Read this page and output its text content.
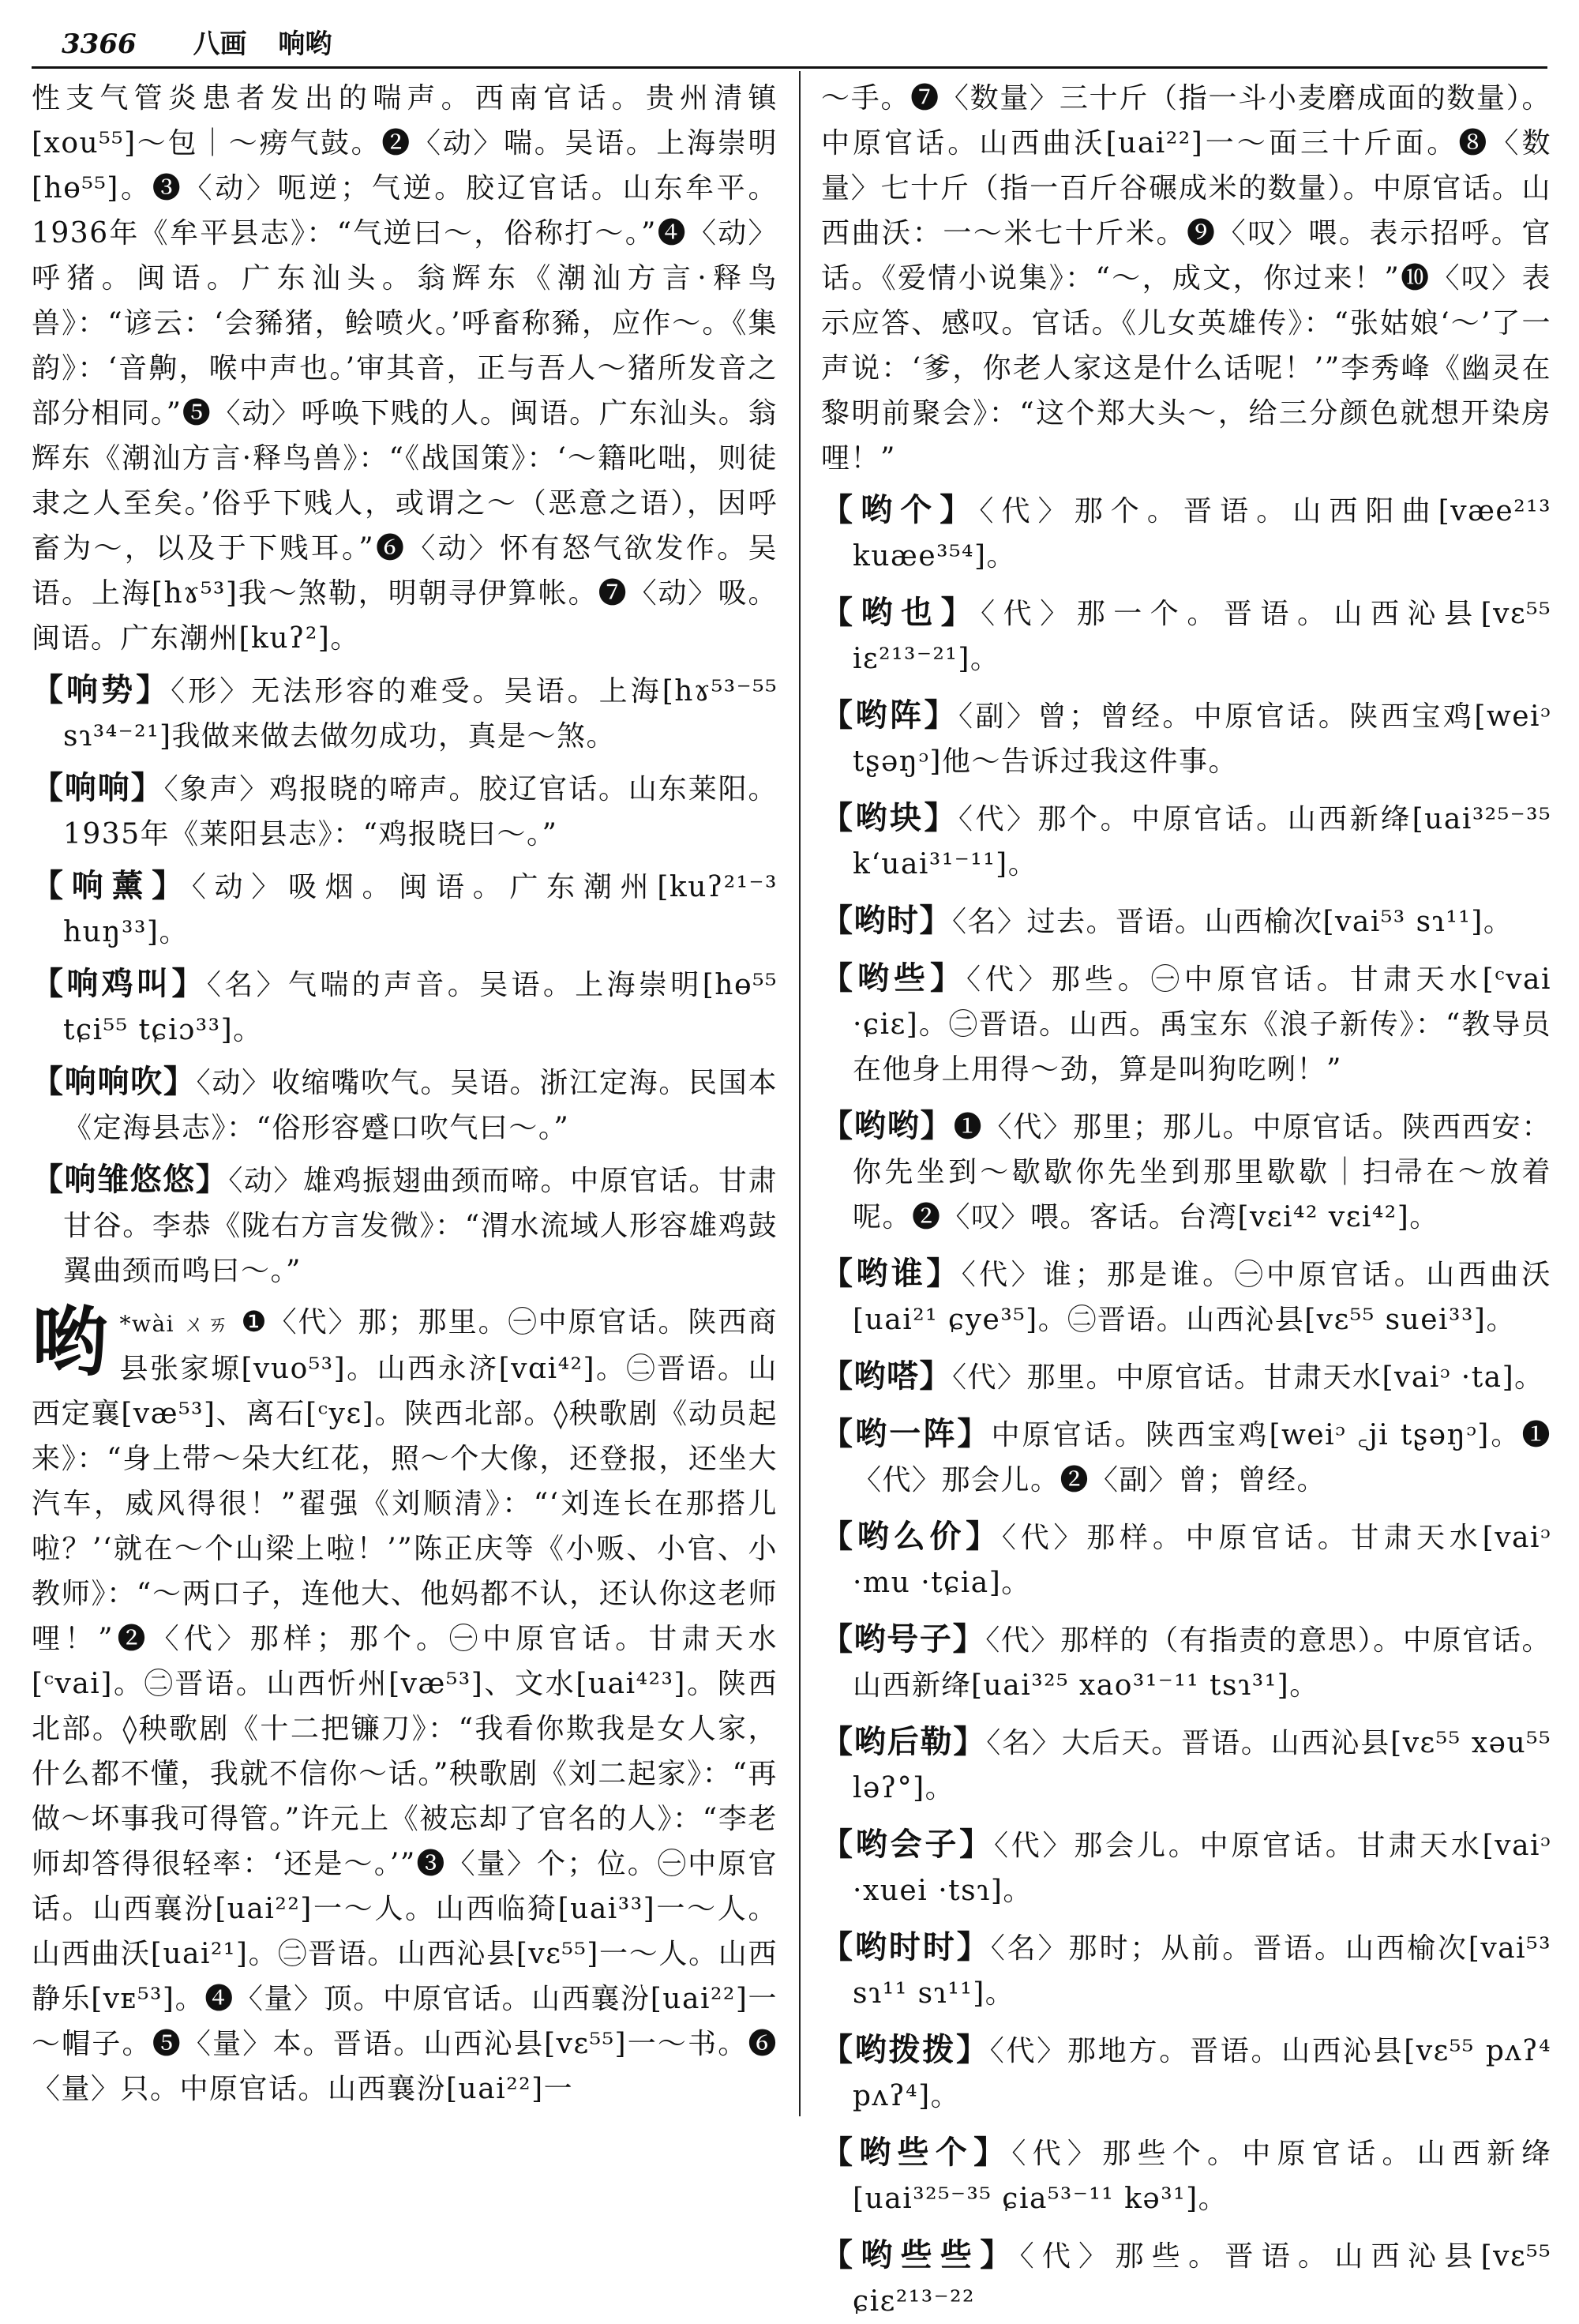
3366 八画 响哟

性支气管炎患者发出的喘声。西南官话。贵州清镇[xou⁵⁵]～包｜～痨气鼓。❷〈动〉喘。吴语。上海崇明[hɵ⁵⁵]。❸〈动〉呃逆；气逆。胶辽官话。山东牟平。1936年《牟平县志》：“气逆曰～，俗称打～。”❹〈动〉呼猪。闽语。广东汕头。翁辉东《潮汕方言·释鸟兽》：“谚云：‘会豨猪，鲙喷火。’呼畜称豨，应作～。《集韵》：‘音齁，喉中声也。’审其音，正与吾人～猪所发音之部分相同。”❺〈动〉呼唤下贱的人。闽语。广东汕头。翁辉东《潮汕方言·释鸟兽》：“《战国策》：‘～籍叱咄，则徒隶之人至矣。’俗乎下贱人，或谓之～（恶意之语），因呼畜为～，以及于下贱耳。”❻〈动〉怀有怒气欲发作。吴语。上海[hɤ⁵³]我～煞勒，明朝寻伊算帐。❼〈动〉吸。闽语。广东潮州[kuʔ²]。

【响势】〈形〉无法形容的难受。吴语。上海[hɤ⁵³⁻⁵⁵ sɿ³⁴⁻²¹]我做来做去做勿成功，真是～煞。

【响响】〈象声〉鸡报晓的啼声。胶辽官话。山东莱阳。1935年《莱阳县志》：“鸡报晓曰～。”

【响薰】〈动〉吸烟。闽语。广东潮州[kuʔ²¹⁻³ huŋ³³]。

【响鸡叫】〈名〉气喘的声音。吴语。上海崇明[hɵ⁵⁵ tɕi⁵⁵ tɕiɔ³³]。

【响响吹】〈动〉收缩嘴吹气。吴语。浙江定海。民国本《定海县志》：“俗形容蹙口吹气曰～。”

【响雏悠悠】〈动〉雄鸡振翅曲颈而啼。中原官话。甘肃甘谷。李恭《陇右方言发微》：“渭水流域人形容雄鸡鼓翼曲颈而鸣曰～。”

哟 *wài ㄨㄞ ❶〈代〉那；那里。㊀中原官话。陕西商县张家塬[vuo⁵³]。山西永济[vɑi⁴²]。㊁晋语。山西定襄[væ⁵³]、离石[ᶜyɛ]。陕西北部。◊秧歌剧《动员起来》：“身上带～朵大红花，照～个大像，还登报，还坐大汽车，威风得很！”翟强《刘顺清》：“‘刘连长在那搭儿啦？’‘就在～个山梁上啦！’”陈正庆等《小贩、小官、小教师》：“～两口子，连他大、他妈都不认，还认你这老师哩！”❷〈代〉那样；那个。㊀中原官话。甘肃天水[ᶜvai]。㊁晋语。山西忻州[væ⁵³]、文水[uai⁴²³]。陕西北部。◊秧歌剧《十二把镰刀》：“我看你欺我是女人家，什么都不懂，我就不信你～话。”秧歌剧《刘二起家》：“再做～坏事我可得管。”许元上《被忘却了官名的人》：“李老师却答得很轻率：‘还是～。’”❸〈量〉个；位。㊀中原官话。山西襄汾[uai²²]一～人。山西临猗[uai³³]一～人。山西曲沃[uai²¹]。㊁晋语。山西沁县[vɛ⁵⁵]一～人。山西静乐[vᴇ⁵³]。❹〈量〉顶。中原官话。山西襄汾[uai²²]一～帽子。❺〈量〉本。晋语。山西沁县[vɛ⁵⁵]一～书。❻〈量〉只。中原官话。山西襄汾[uai²²]一

～手。❼〈数量〉三十斤（指一斗小麦磨成面的数量）。中原官话。山西曲沃[uai²²]一～面三十斤面。❽〈数量〉七十斤（指一百斤谷碾成米的数量）。中原官话。山西曲沃：一～米七十斤米。❾〈叹〉喂。表示招呼。官话。《爱情小说集》：“～，成文，你过来！”❿〈叹〉表示应答、感叹。官话。《儿女英雄传》：“张姑娘‘～’了一声说：‘爹，你老人家这是什么话呢！’”李秀峰《幽灵在黎明前聚会》：“这个郑大头～，给三分颜色就想开染房哩！”

【哟个】〈代〉那个。晋语。山西阳曲[væe²¹³ kuæe³⁵⁴]。

【哟也】〈代〉那一个。晋语。山西沁县[vɛ⁵⁵ iɛ²¹³⁻²¹]。

【哟阵】〈副〉曾；曾经。中原官话。陕西宝鸡[weiᵓ tʂəŋᵓ]他～告诉过我这件事。

【哟块】〈代〉那个。中原官话。山西新绛[uai³²⁵⁻³⁵ kʻuai³¹⁻¹¹]。

【哟时】〈名〉过去。晋语。山西榆次[vai⁵³ sɿ¹¹]。

【哟些】〈代〉那些。㊀中原官话。甘肃天水[ᶜvai ·ɕiɛ]。㊁晋语。山西。禹宝东《浪子新传》：“教导员在他身上用得～劲，算是叫狗吃咧！”

【哟哟】❶〈代〉那里；那儿。中原官话。陕西西安：你先坐到～歇歇你先坐到那里歇歇｜扫帚在～放着呢。❷〈叹〉喂。客话。台湾[vɛi⁴² vɛi⁴²]。

【哟谁】〈代〉谁；那是谁。㊀中原官话。山西曲沃[uai²¹ ɕye³⁵]。㊁晋语。山西沁县[vɛ⁵⁵ suei³³]。

【哟嗒】〈代〉那里。中原官话。甘肃天水[vaiᵓ ·ta]。

【哟一阵】中原官话。陕西宝鸡[weiᵓ ꜀ji tʂəŋᵓ]。❶〈代〉那会儿。❷〈副〉曾；曾经。

【哟么价】〈代〉那样。中原官话。甘肃天水[vaiᵓ ·mu ·tɕia]。

【哟号子】〈代〉那样的（有指责的意思）。中原官话。山西新绛[uai³²⁵ xao³¹⁻¹¹ tsɿ³¹]。

【哟后勒】〈名〉大后天。晋语。山西沁县[vɛ⁵⁵ xəu⁵⁵ ləʔ°]。

【哟会子】〈代〉那会儿。中原官话。甘肃天水[vaiᵓ ·xuei ·tsɿ]。

【哟时时】〈名〉那时；从前。晋语。山西榆次[vai⁵³ sɿ¹¹ sɿ¹¹]。

【哟拨拨】〈代〉那地方。晋语。山西沁县[vɛ⁵⁵ pʌʔ⁴ pʌʔ⁴]。

【哟些个】〈代〉那些个。中原官话。山西新绛[uai³²⁵⁻³⁵ ɕia⁵³⁻¹¹ kə³¹]。

【哟些些】〈代〉那些。晋语。山西沁县[vɛ⁵⁵ ɕiɛ²¹³⁻²²
